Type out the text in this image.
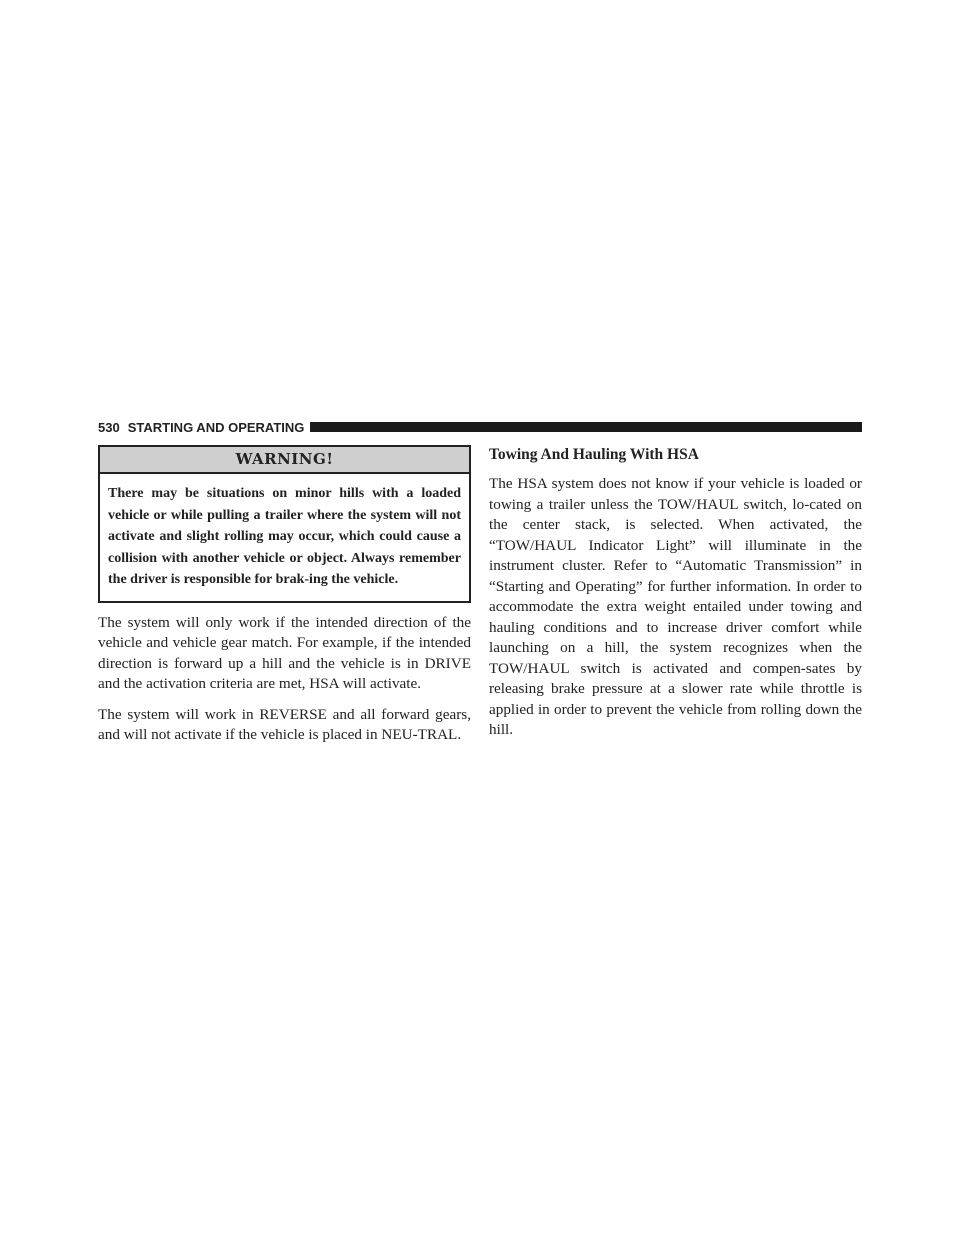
530 STARTING AND OPERATING
WARNING!
There may be situations on minor hills with a loaded vehicle or while pulling a trailer where the system will not activate and slight rolling may occur, which could cause a collision with another vehicle or object. Always remember the driver is responsible for brak-ing the vehicle.

The system will only work if the intended direction of the vehicle and vehicle gear match. For example, if the intended direction is forward up a hill and the vehicle is in DRIVE and the activation criteria are met, HSA will activate.

The system will work in REVERSE and all forward gears, and will not activate if the vehicle is placed in NEU-TRAL.

Towing And Hauling With HSA

The HSA system does not know if your vehicle is loaded or towing a trailer unless the TOW/HAUL switch, lo-cated on the center stack, is selected. When activated, the “TOW/HAUL Indicator Light” will illuminate in the instrument cluster. Refer to “Automatic Transmission” in “Starting and Operating” for further information. In order to accommodate the extra weight entailed under towing and hauling conditions and to increase driver comfort while launching on a hill, the system recognizes when the TOW/HAUL switch is activated and compen-sates by releasing brake pressure at a slower rate while throttle is applied in order to prevent the vehicle from rolling down the hill.
